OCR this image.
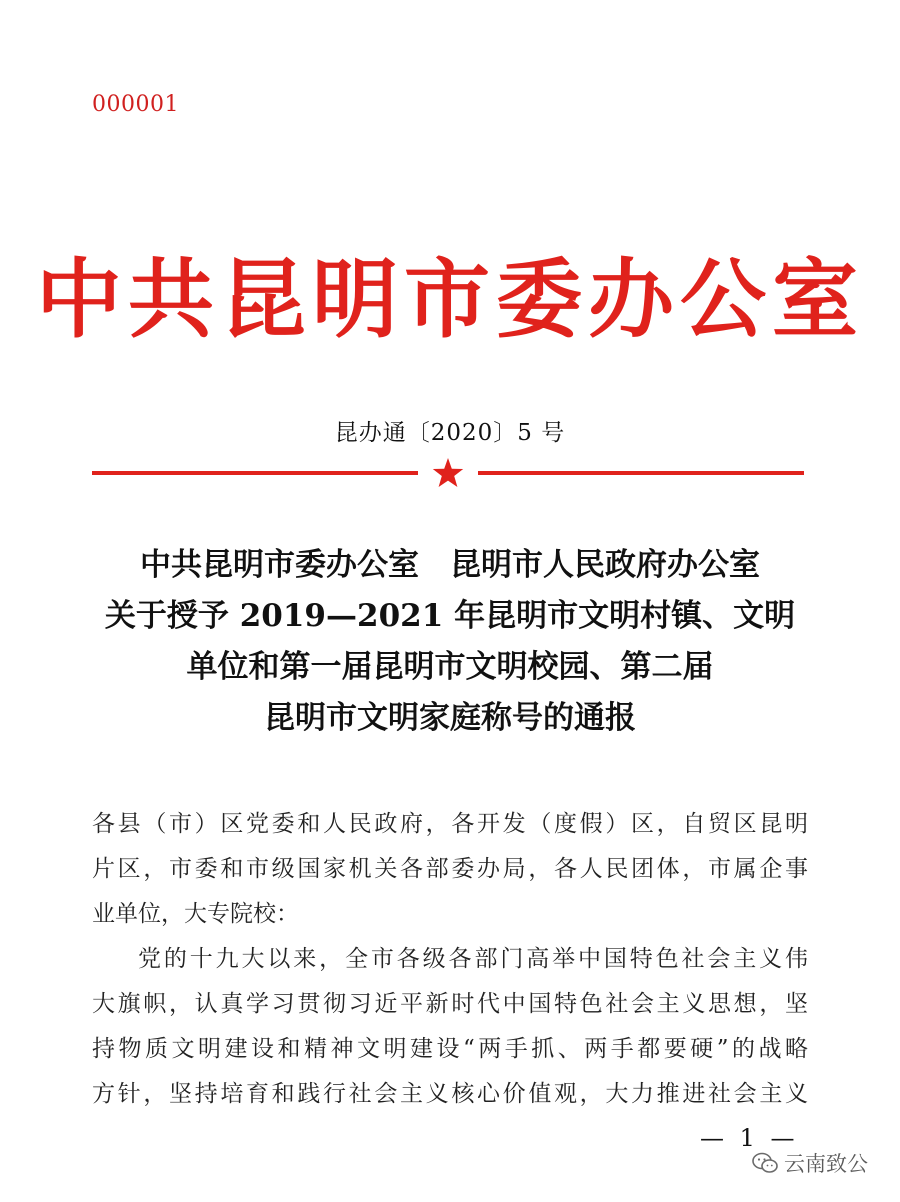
000001
中共昆明市委办公室
昆办通〔2020〕5 号
中共昆明市委办公室　昆明市人民政府办公室
关于授予 2019—2021 年昆明市文明村镇、文明
单位和第一届昆明市文明校园、第二届
昆明市文明家庭称号的通报

各县（市）区党委和人民政府，各开发（度假）区，自贸区昆明

片区，市委和市级国家机关各部委办局，各人民团体，市属企事

业单位，大专院校：

党的十九大以来，全市各级各部门高举中国特色社会主义伟

大旗帜，认真学习贯彻习近平新时代中国特色社会主义思想，坚

持物质文明建设和精神文明建设“两手抓、两手都要硬”的战略

方针，坚持培育和践行社会主义核心价值观，大力推进社会主义

— 1 —
云南致公
